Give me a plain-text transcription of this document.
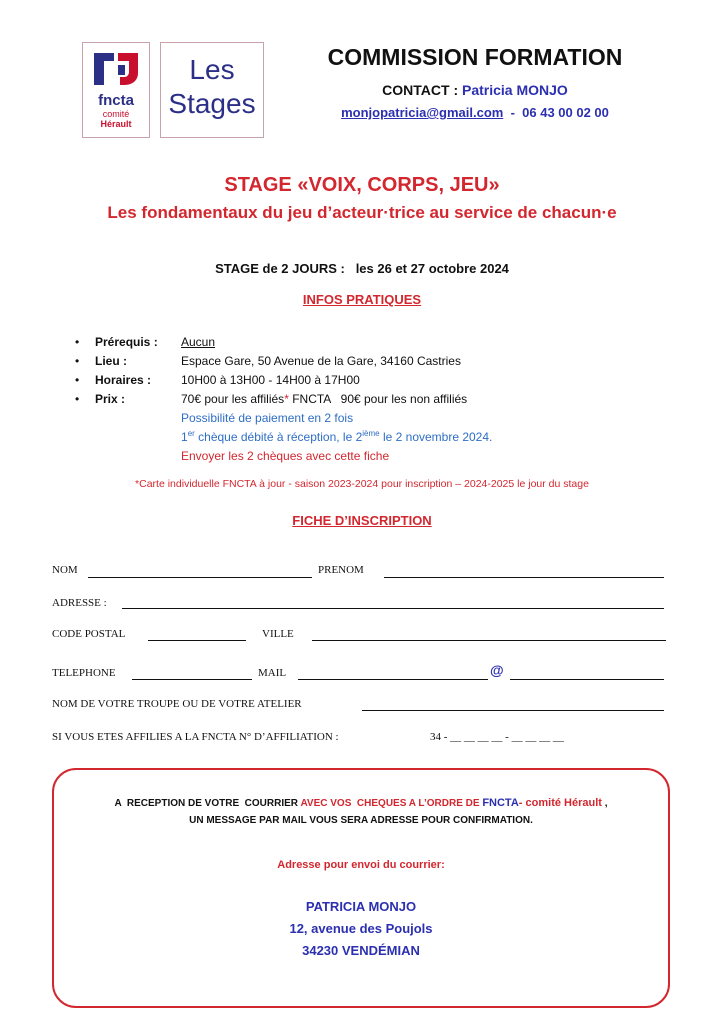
fncta
comité
Hérault
Les
Stages
COMMISSION FORMATION
CONTACT : Patricia MONJO
monjopatricia@gmail.com - 06 43 00 02 00
STAGE «VOIX, CORPS, JEU»
Les fondamentaux du jeu d’acteur·trice au service de chacun·e
STAGE de 2 JOURS :   les 26 et 27 octobre 2024
INFOS PRATIQUES
• Prérequis : Aucun
• Lieu :	Espace Gare, 50 Avenue de la Gare, 34160 Castries
• Horaires : 10H00 à 13H00 - 14H00 à 17H00
• Prix :	70€ pour les affiliés* FNCTA   90€ pour les non affiliés
Possibilité de paiement en 2 fois
1er chèque débité à réception, le 2ième le 2 novembre 2024.
Envoyer les 2 chèques avec cette fiche
*Carte individuelle FNCTA à jour - saison 2023-2024 pour inscription – 2024-2025 le jour du stage
FICHE D’INSCRIPTION
NOM	PRENOM
ADRESSE :
CODE POSTAL	VILLE
TELEPHONE	MAIL	@
NOM DE VOTRE TROUPE OU DE VOTRE ATELIER
SI VOUS ETES AFFILIES A LA FNCTA N° D’AFFILIATION :	34 - __ __ __ __ - __ __ __ __
A  RECEPTION DE VOTRE  COURRIER AVEC VOS  CHEQUES A L’ORDRE DE FNCTA- comité Hérault ,
UN MESSAGE PAR MAIL VOUS SERA ADRESSE POUR CONFIRMATION.
Adresse pour envoi du courrier:
PATRICIA MONJO
12, avenue des Poujols
34230 VENDÉMIAN
